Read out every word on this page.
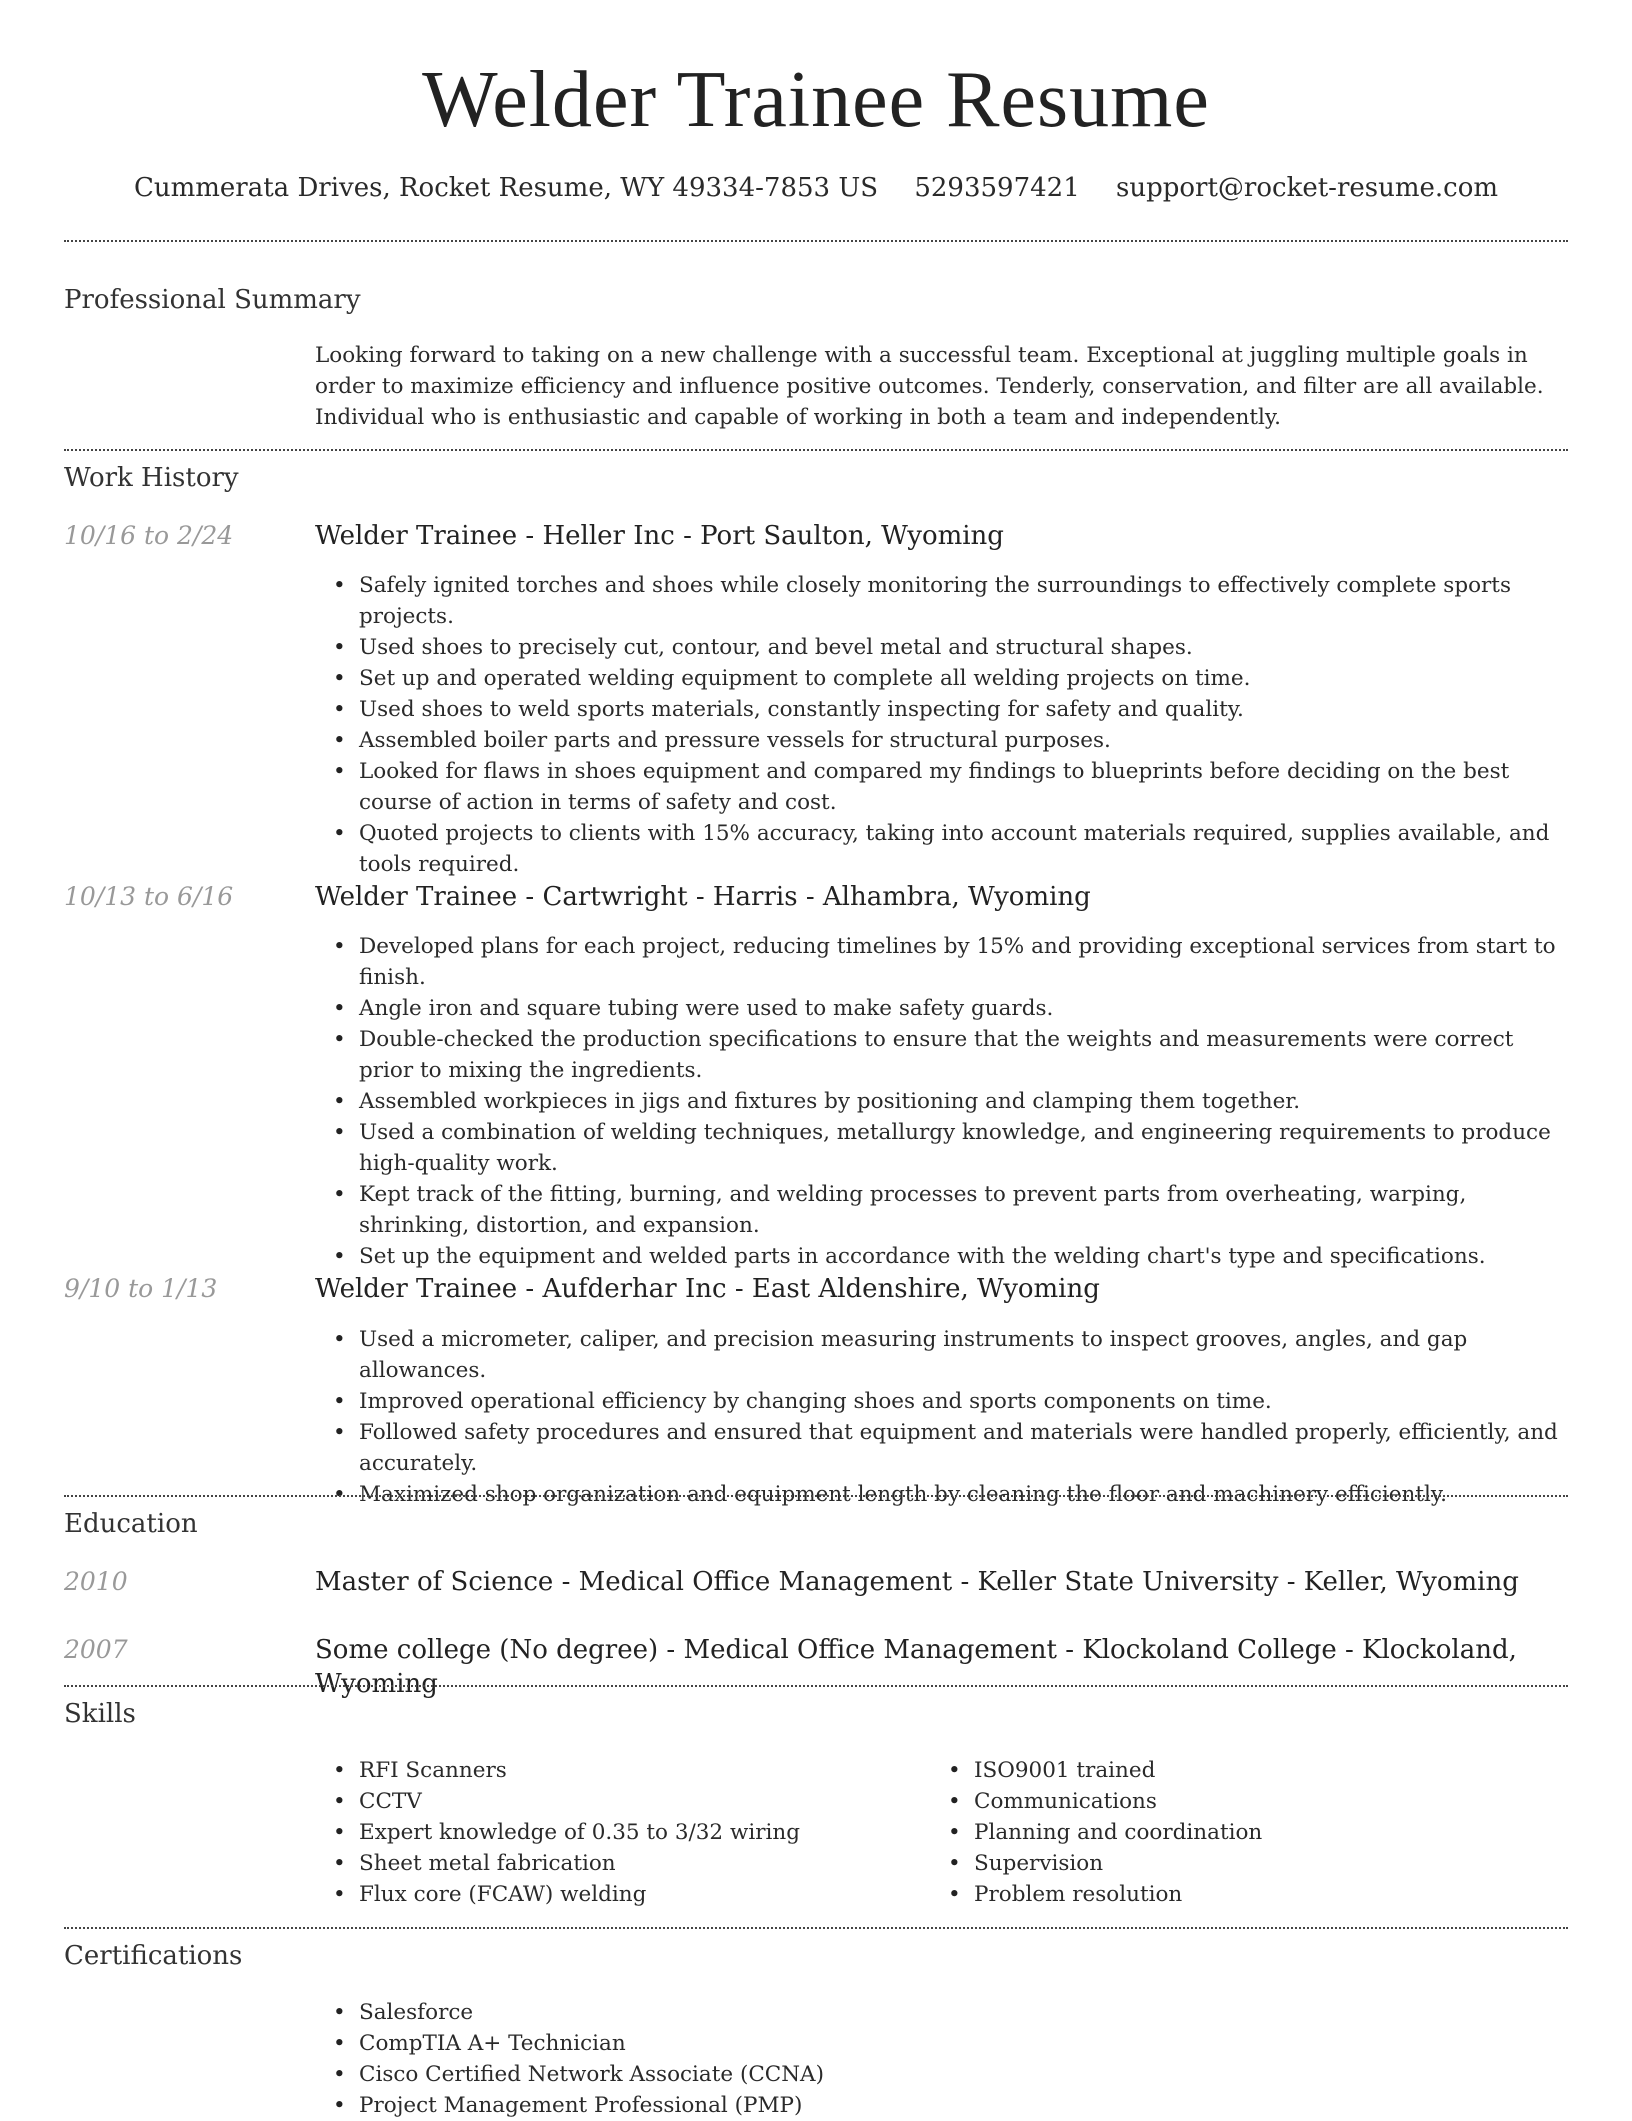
Welder Trainee Resume
Cummerata Drives, Rocket Resume, WY 49334-7853 US 5293597421 support@rocket-resume.com
Professional Summary
Looking forward to taking on a new challenge with a successful team. Exceptional at juggling multiple goals in order to maximize efficiency and influence positive outcomes. Tenderly, conservation, and filter are all available. Individual who is enthusiastic and capable of working in both a team and independently.
Work History
10/16 to 2/24	Welder Trainee - Heller Inc - Port Saulton, Wyoming
• Safely ignited torches and shoes while closely monitoring the surroundings to effectively complete sports projects.
• Used shoes to precisely cut, contour, and bevel metal and structural shapes.
• Set up and operated welding equipment to complete all welding projects on time.
• Used shoes to weld sports materials, constantly inspecting for safety and quality.
• Assembled boiler parts and pressure vessels for structural purposes.
• Looked for flaws in shoes equipment and compared my findings to blueprints before deciding on the best course of action in terms of safety and cost.
• Quoted projects to clients with 15% accuracy, taking into account materials required, supplies available, and tools required.
10/13 to 6/16	Welder Trainee - Cartwright - Harris - Alhambra, Wyoming
• Developed plans for each project, reducing timelines by 15% and providing exceptional services from start to finish.
• Angle iron and square tubing were used to make safety guards.
• Double-checked the production specifications to ensure that the weights and measurements were correct prior to mixing the ingredients.
• Assembled workpieces in jigs and fixtures by positioning and clamping them together.
• Used a combination of welding techniques, metallurgy knowledge, and engineering requirements to produce high-quality work.
• Kept track of the fitting, burning, and welding processes to prevent parts from overheating, warping, shrinking, distortion, and expansion.
• Set up the equipment and welded parts in accordance with the welding chart's type and specifications.
9/10 to 1/13	Welder Trainee - Aufderhar Inc - East Aldenshire, Wyoming
• Used a micrometer, caliper, and precision measuring instruments to inspect grooves, angles, and gap allowances.
• Improved operational efficiency by changing shoes and sports components on time.
• Followed safety procedures and ensured that equipment and materials were handled properly, efficiently, and accurately.
• Maximized shop organization and equipment length by cleaning the floor and machinery efficiently.
Education
2010	Master of Science - Medical Office Management - Keller State University - Keller, Wyoming
2007	Some college (No degree) - Medical Office Management - Klockoland College - Klockoland, Wyoming
Skills
• RFI Scanners
• CCTV
• Expert knowledge of 0.35 to 3/32 wiring
• Sheet metal fabrication
• Flux core (FCAW) welding
• ISO9001 trained
• Communications
• Planning and coordination
• Supervision
• Problem resolution
Certifications
• Salesforce
• CompTIA A+ Technician
• Cisco Certified Network Associate (CCNA)
• Project Management Professional (PMP)
